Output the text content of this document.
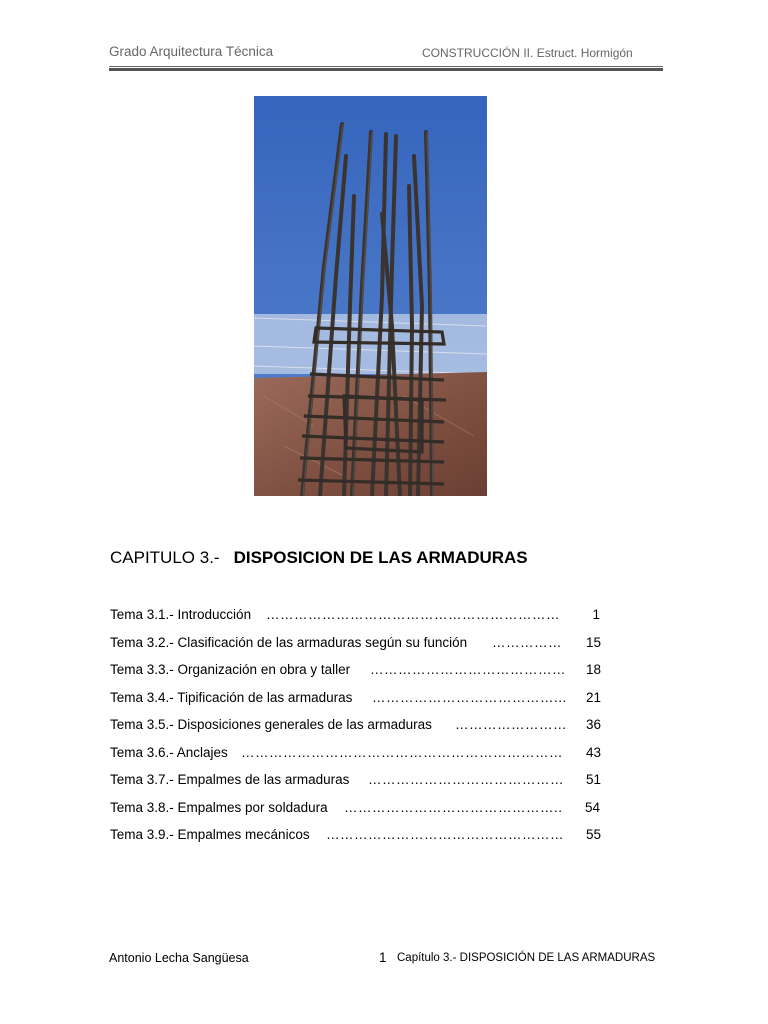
Grado Arquitectura Técnica	CONSTRUCCIÓN II. Estruct. Hormigón
CAPITULO 3.- DISPOSICION DE LAS ARMADURAS
Tema 3.1.- Introducción ………………………………………………………	1
Tema 3.2.- Clasificación de las armaduras según su función ……………	15
Tema 3.3.- Organización en obra y taller ……………………………………	18
Tema 3.4.- Tipificación de las armaduras …………………………………...	21
Tema 3.5.- Disposiciones generales de las armaduras ……………………	36
Tema 3.6.- Anclajes ……………………………………………………………	43
Tema 3.7.- Empalmes de las armaduras ……………………………………	51
Tema 3.8.- Empalmes por soldadura ………………………………………..	54
Tema 3.9.- Empalmes mecánicos ……………………………………………	55
Antonio Lecha Sangüesa	1 Capítulo 3.- DISPOSICIÓN DE LAS ARMADURAS
